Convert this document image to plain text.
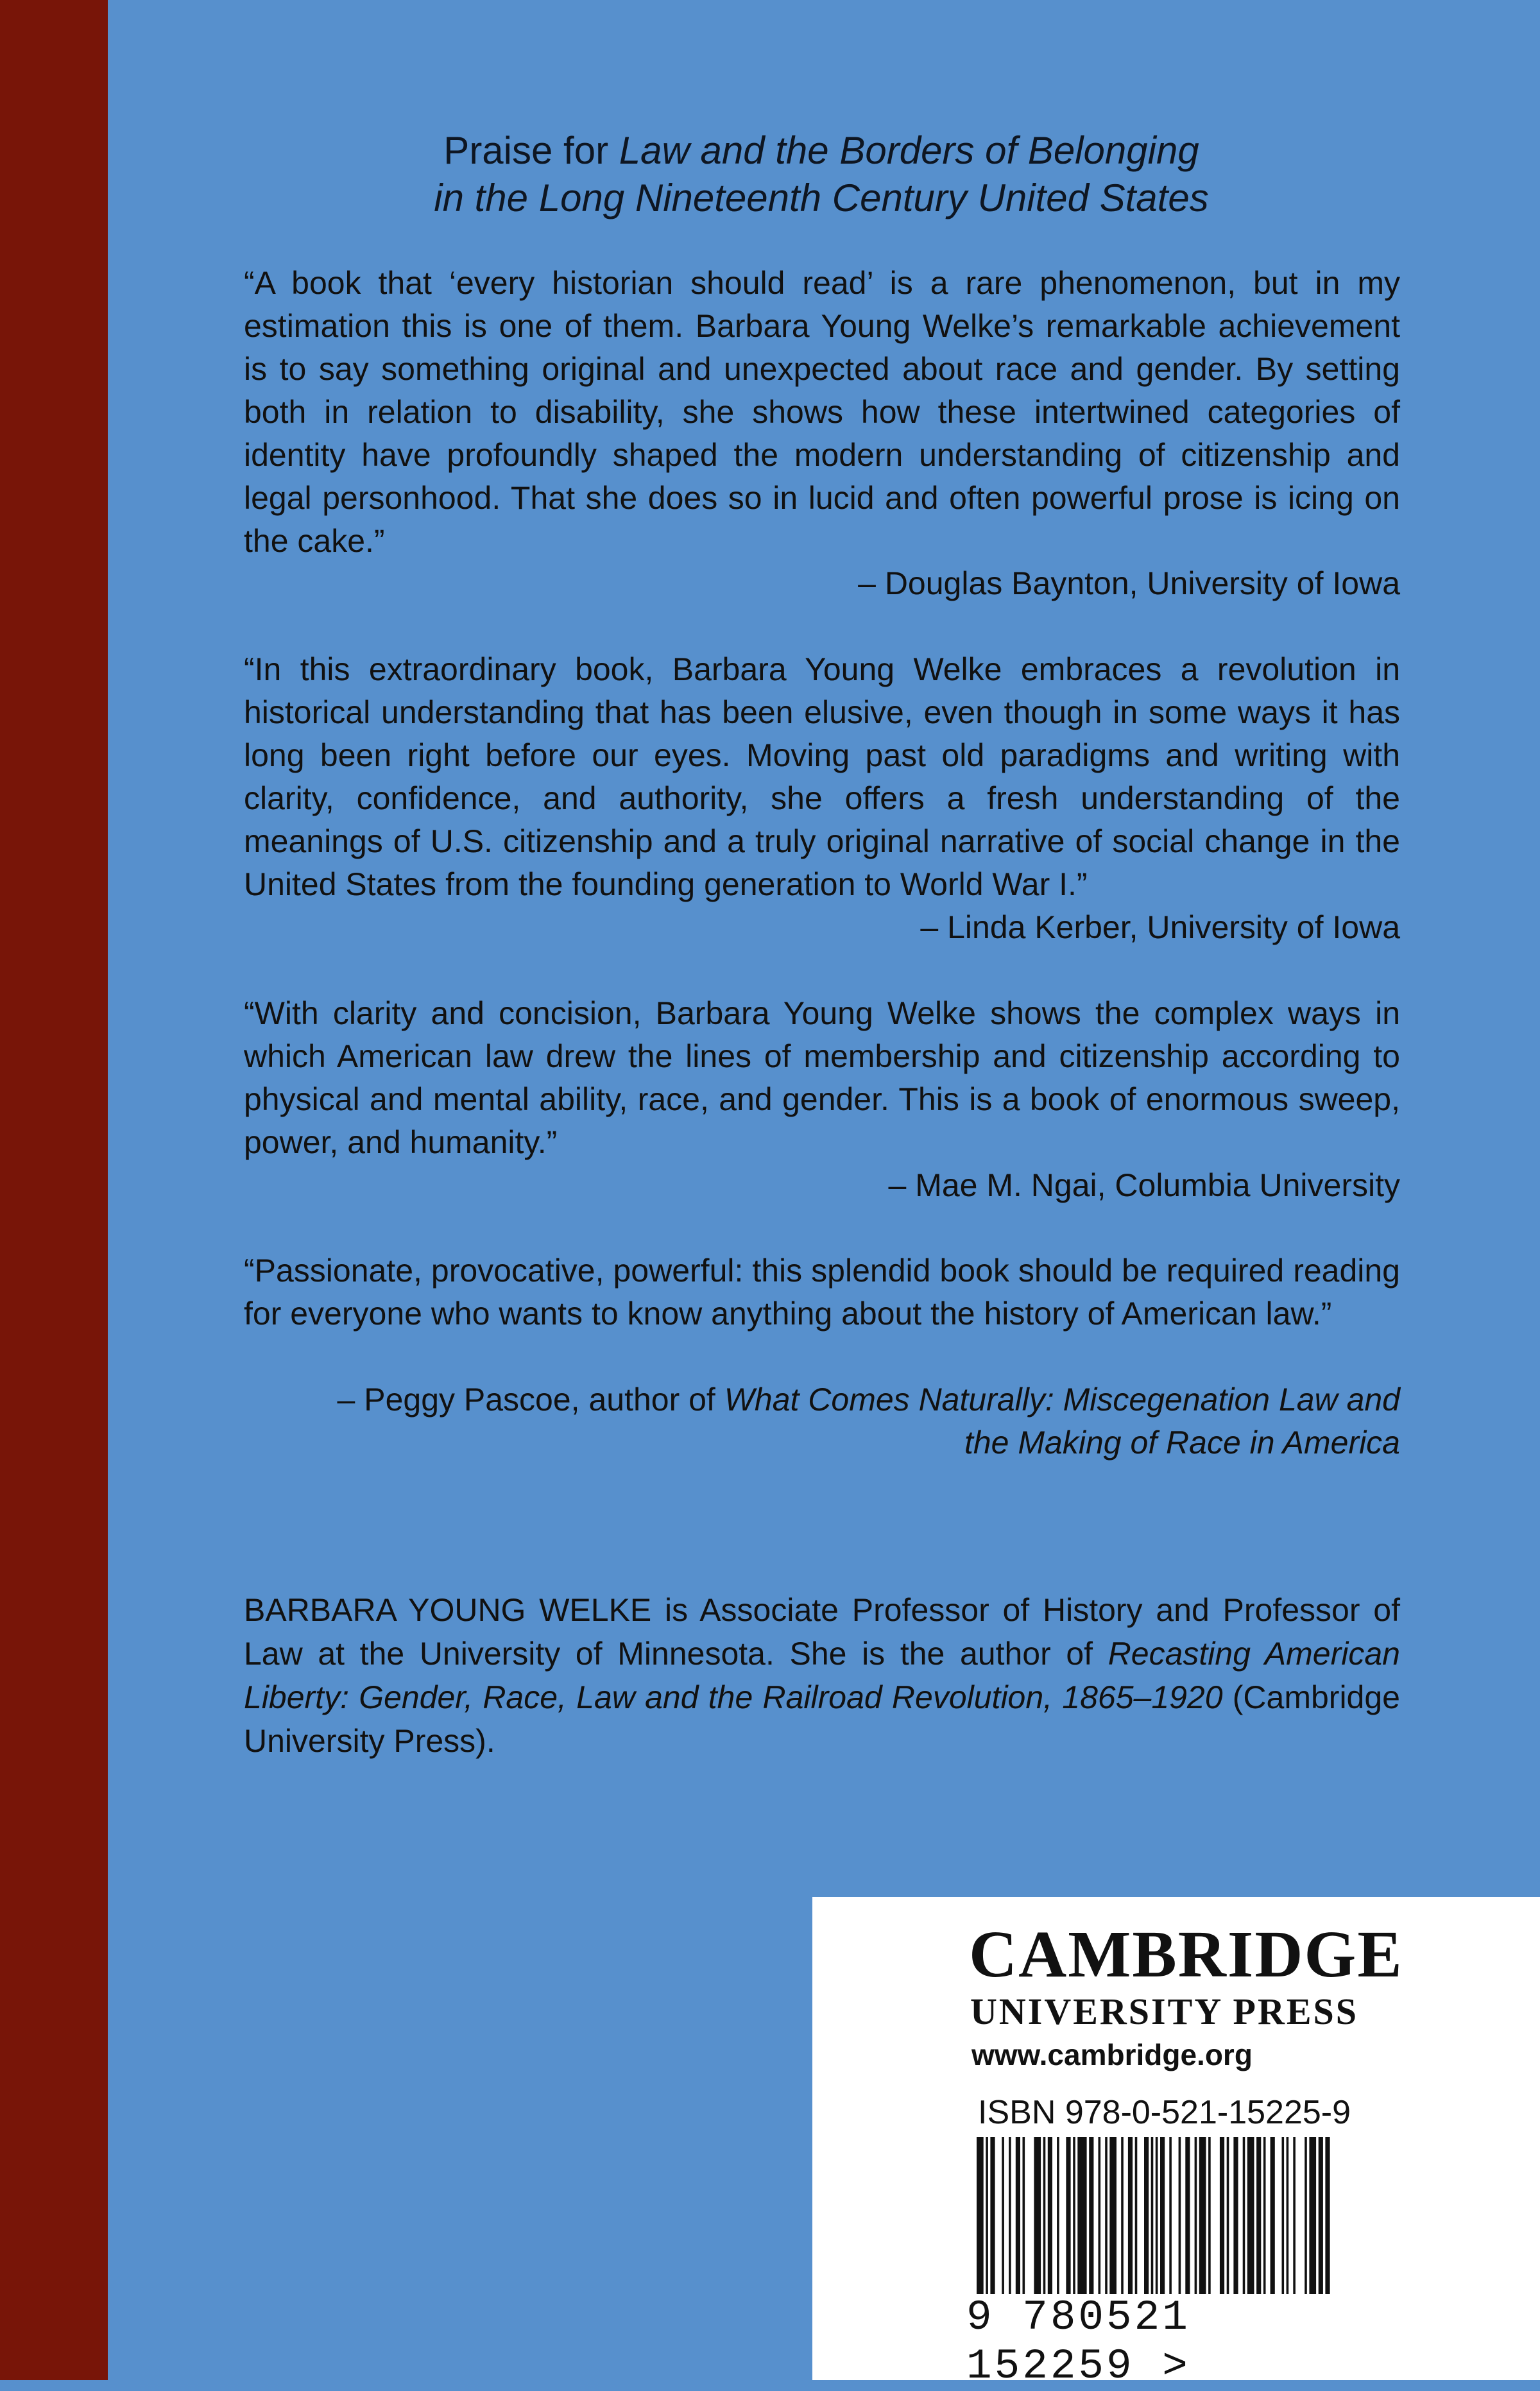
Praise for Law and the Borders of Belonging
in the Long Nineteenth Century United States
“A book that ‘every historian should read’ is a rare phenomenon, but in my estimation this is one of them. Barbara Young Welke’s remarkable achievement is to say something original and unexpected about race and gender. By setting both in relation to disability, she shows how these intertwined categories of identity have profoundly shaped the modern understanding of citizenship and legal personhood. That she does so in lucid and often powerful prose is icing on the cake.”
– Douglas Baynton, University of Iowa
“In this extraordinary book, Barbara Young Welke embraces a revolution in historical understanding that has been elusive, even though in some ways it has long been right before our eyes. Moving past old paradigms and writing with clarity, confidence, and authority, she offers a fresh understanding of the meanings of U.S. citizenship and a truly original narrative of social change in the United States from the founding generation to World War I.”
– Linda Kerber, University of Iowa
“With clarity and concision, Barbara Young Welke shows the complex ways in which American law drew the lines of membership and citizenship according to physical and mental ability, race, and gender. This is a book of enormous sweep, power, and humanity.”
– Mae M. Ngai, Columbia University
“Passionate, provocative, powerful: this splendid book should be required reading for everyone who wants to know anything about the history of American law.”
– Peggy Pascoe, author of What Comes Naturally: Miscegenation Law and
the Making of Race in America
BARBARA YOUNG WELKE is Associate Professor of History and Professor of Law at the University of Minnesota. She is the author of Recasting American Liberty: Gender, Race, Law and the Railroad Revolution, 1865–1920 (Cambridge University Press).
CAMBRIDGE
UNIVERSITY PRESS
www.cambridge.org
ISBN 978-0-521-15225-9
9 780521 152259 >
